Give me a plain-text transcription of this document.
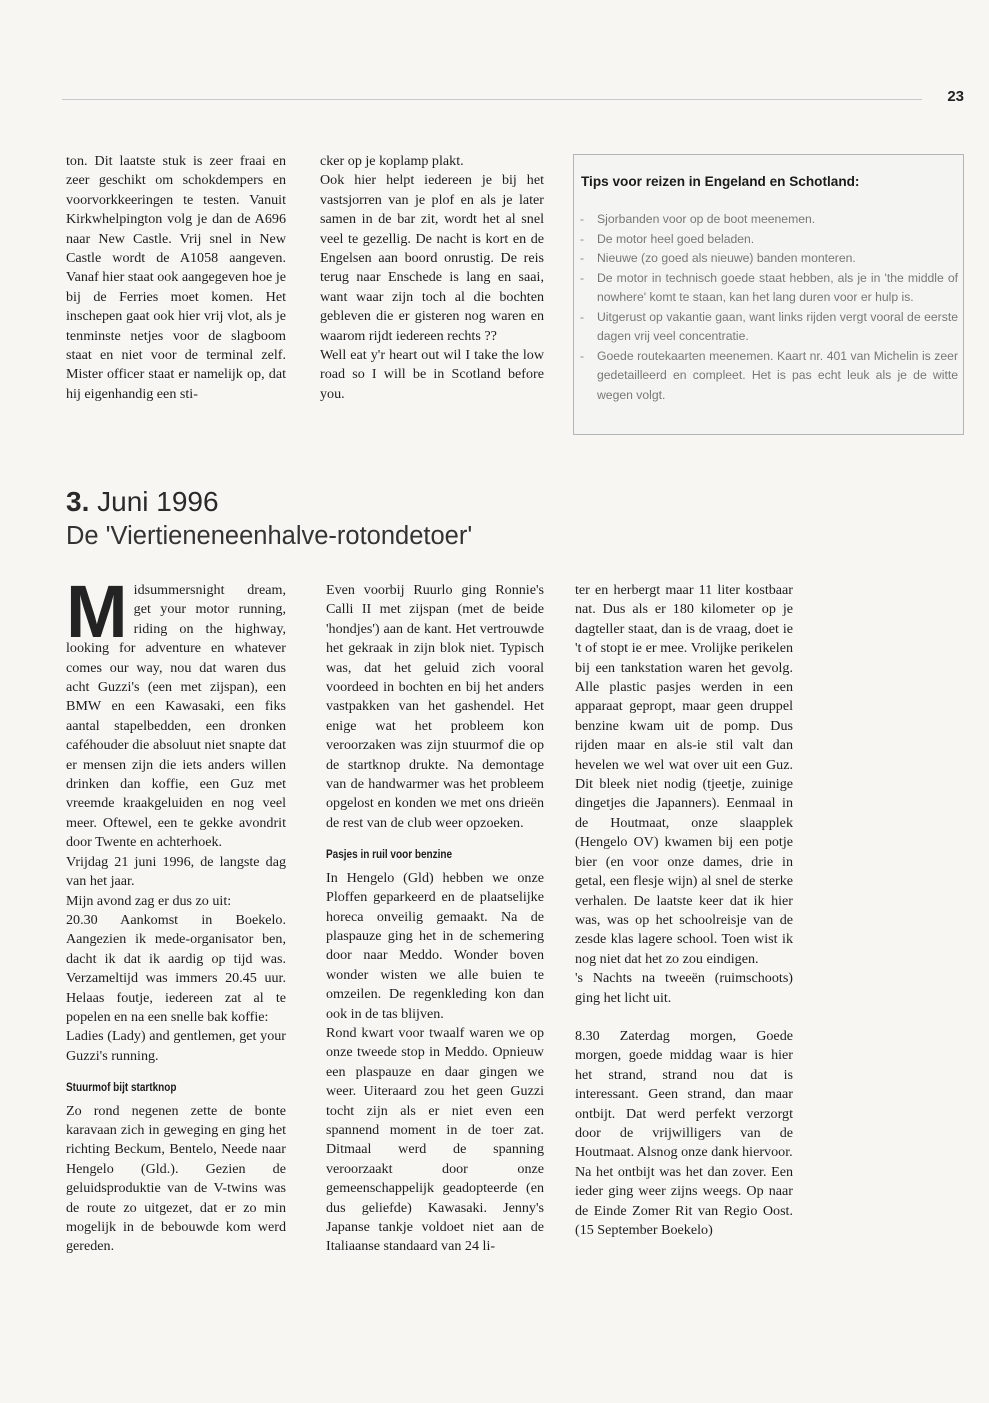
23

ton. Dit laatste stuk is zeer fraai en zeer geschikt om schokdempers en voorvorkkeeringen te testen. Vanuit Kirkwhelpington volg je dan de A696 naar New Castle. Vrij snel in New Castle wordt de A1058 aangeven. Vanaf hier staat ook aangegeven hoe je bij de Ferries moet komen. Het inschepen gaat ook hier vrij vlot, als je tenminste netjes voor de slagboom staat en niet voor de terminal zelf. Mister officer staat er namelijk op, dat hij eigenhandig een sti-

cker op je koplamp plakt.

Ook hier helpt iedereen je bij het vastsjorren van je plof en als je later samen in de bar zit, wordt het al snel veel te gezellig. De nacht is kort en de Engelsen aan boord onrustig. De reis terug naar Enschede is lang en saai, want waar zijn toch al die bochten gebleven die er gisteren nog waren en waarom rijdt iedereen rechts ??

Well eat y'r heart out wil I take the low road so I will be in Scotland before you.

Tips voor reizen in Engeland en Schotland:
- Sjorbanden voor op de boot meenemen.
- De motor heel goed beladen.
- Nieuwe (zo goed als nieuwe) banden monteren.
- De motor in technisch goede staat hebben, als je in 'the middle of nowhere' komt te staan, kan het lang duren voor er hulp is.
- Uitgerust op vakantie gaan, want links rijden vergt vooral de eerste dagen vrij veel concentratie.
- Goede routekaarten meenemen. Kaart nr. 401 van Michelin is zeer gedetailleerd en compleet. Het is pas echt leuk als je de witte wegen volgt.
3. Juni 1996
De 'Viertieneneenhalve-rotondetoer'

Midsummersnight dream, get your motor running, riding on the highway, looking for adventure en whatever comes our way, nou dat waren dus acht Guzzi's (een met zijspan), een BMW en een Kawasaki, een fiks aantal stapelbedden, een dronken caféhouder die absoluut niet snapte dat er mensen zijn die iets anders willen drinken dan koffie, een Guz met vreemde kraakgeluiden en nog veel meer. Oftewel, een te gekke avondrit door Twente en achterhoek.

Vrijdag 21 juni 1996, de langste dag van het jaar.

Mijn avond zag er dus zo uit:

20.30 Aankomst in Boekelo. Aangezien ik mede-organisator ben, dacht ik dat ik aardig op tijd was. Verzameltijd was immers 20.45 uur. Helaas foutje, iedereen zat al te popelen en na een snelle bak koffie:

Ladies (Lady) and gentlemen, get your Guzzi's running.

Stuurmof bijt startknop

Zo rond negenen zette de bonte karavaan zich in geweging en ging het richting Beckum, Bentelo, Neede naar Hengelo (Gld.). Gezien de geluidsproduktie van de V-twins was de route zo uitgezet, dat er zo min mogelijk in de bebouwde kom werd gereden.

Even voorbij Ruurlo ging Ronnie's Calli II met zijspan (met de beide 'hondjes') aan de kant. Het vertrouwde het gekraak in zijn blok niet. Typisch was, dat het geluid zich vooral voordeed in bochten en bij het anders vastpakken van het gashendel. Het enige wat het probleem kon veroorzaken was zijn stuurmof die op de startknop drukte. Na demontage van de handwarmer was het probleem opgelost en konden we met ons drieën de rest van de club weer opzoeken.

Pasjes in ruil voor benzine

In Hengelo (Gld) hebben we onze Ploffen geparkeerd en de plaatselijke horeca onveilig gemaakt. Na de plaspauze ging het in de schemering door naar Meddo. Wonder boven wonder wisten we alle buien te omzeilen. De regenkleding kon dan ook in de tas blijven.

Rond kwart voor twaalf waren we op onze tweede stop in Meddo. Opnieuw een plaspauze en daar gingen we weer. Uiteraard zou het geen Guzzi tocht zijn als er niet even een spannend moment in de toer zat. Ditmaal werd de spanning veroorzaakt door onze gemeenschappelijk geadopteerde (en dus geliefde) Kawasaki. Jenny's Japanse tankje voldoet niet aan de Italiaanse standaard van 24 li-

ter en herbergt maar 11 liter kostbaar nat. Dus als er 180 kilometer op je dagteller staat, dan is de vraag, doet ie 't of stopt ie er mee. Vrolijke perikelen bij een tankstation waren het gevolg. Alle plastic pasjes werden in een apparaat gepropt, maar geen druppel benzine kwam uit de pomp. Dus rijden maar en als-ie stil valt dan hevelen we wel wat over uit een Guz. Dit bleek niet nodig (tjeetje, zuinige dingetjes die Japanners). Eenmaal in de Houtmaat, onze slaapplek (Hengelo OV) kwamen bij een potje bier (en voor onze dames, drie in getal, een flesje wijn) al snel de sterke verhalen. De laatste keer dat ik hier was, was op het schoolreisje van de zesde klas lagere school. Toen wist ik nog niet dat het zo zou eindigen.

's Nachts na tweeën (ruimschoots) ging het licht uit.

8.30 Zaterdag morgen, Goede morgen, goede middag waar is hier het strand, strand nou dat is interessant. Geen strand, dan maar ontbijt. Dat werd perfekt verzorgt door de vrijwilligers van de Houtmaat. Alsnog onze dank hiervoor.

Na het ontbijt was het dan zover. Een ieder ging weer zijns weegs. Op naar de Einde Zomer Rit van Regio Oost. (15 September Boekelo)
